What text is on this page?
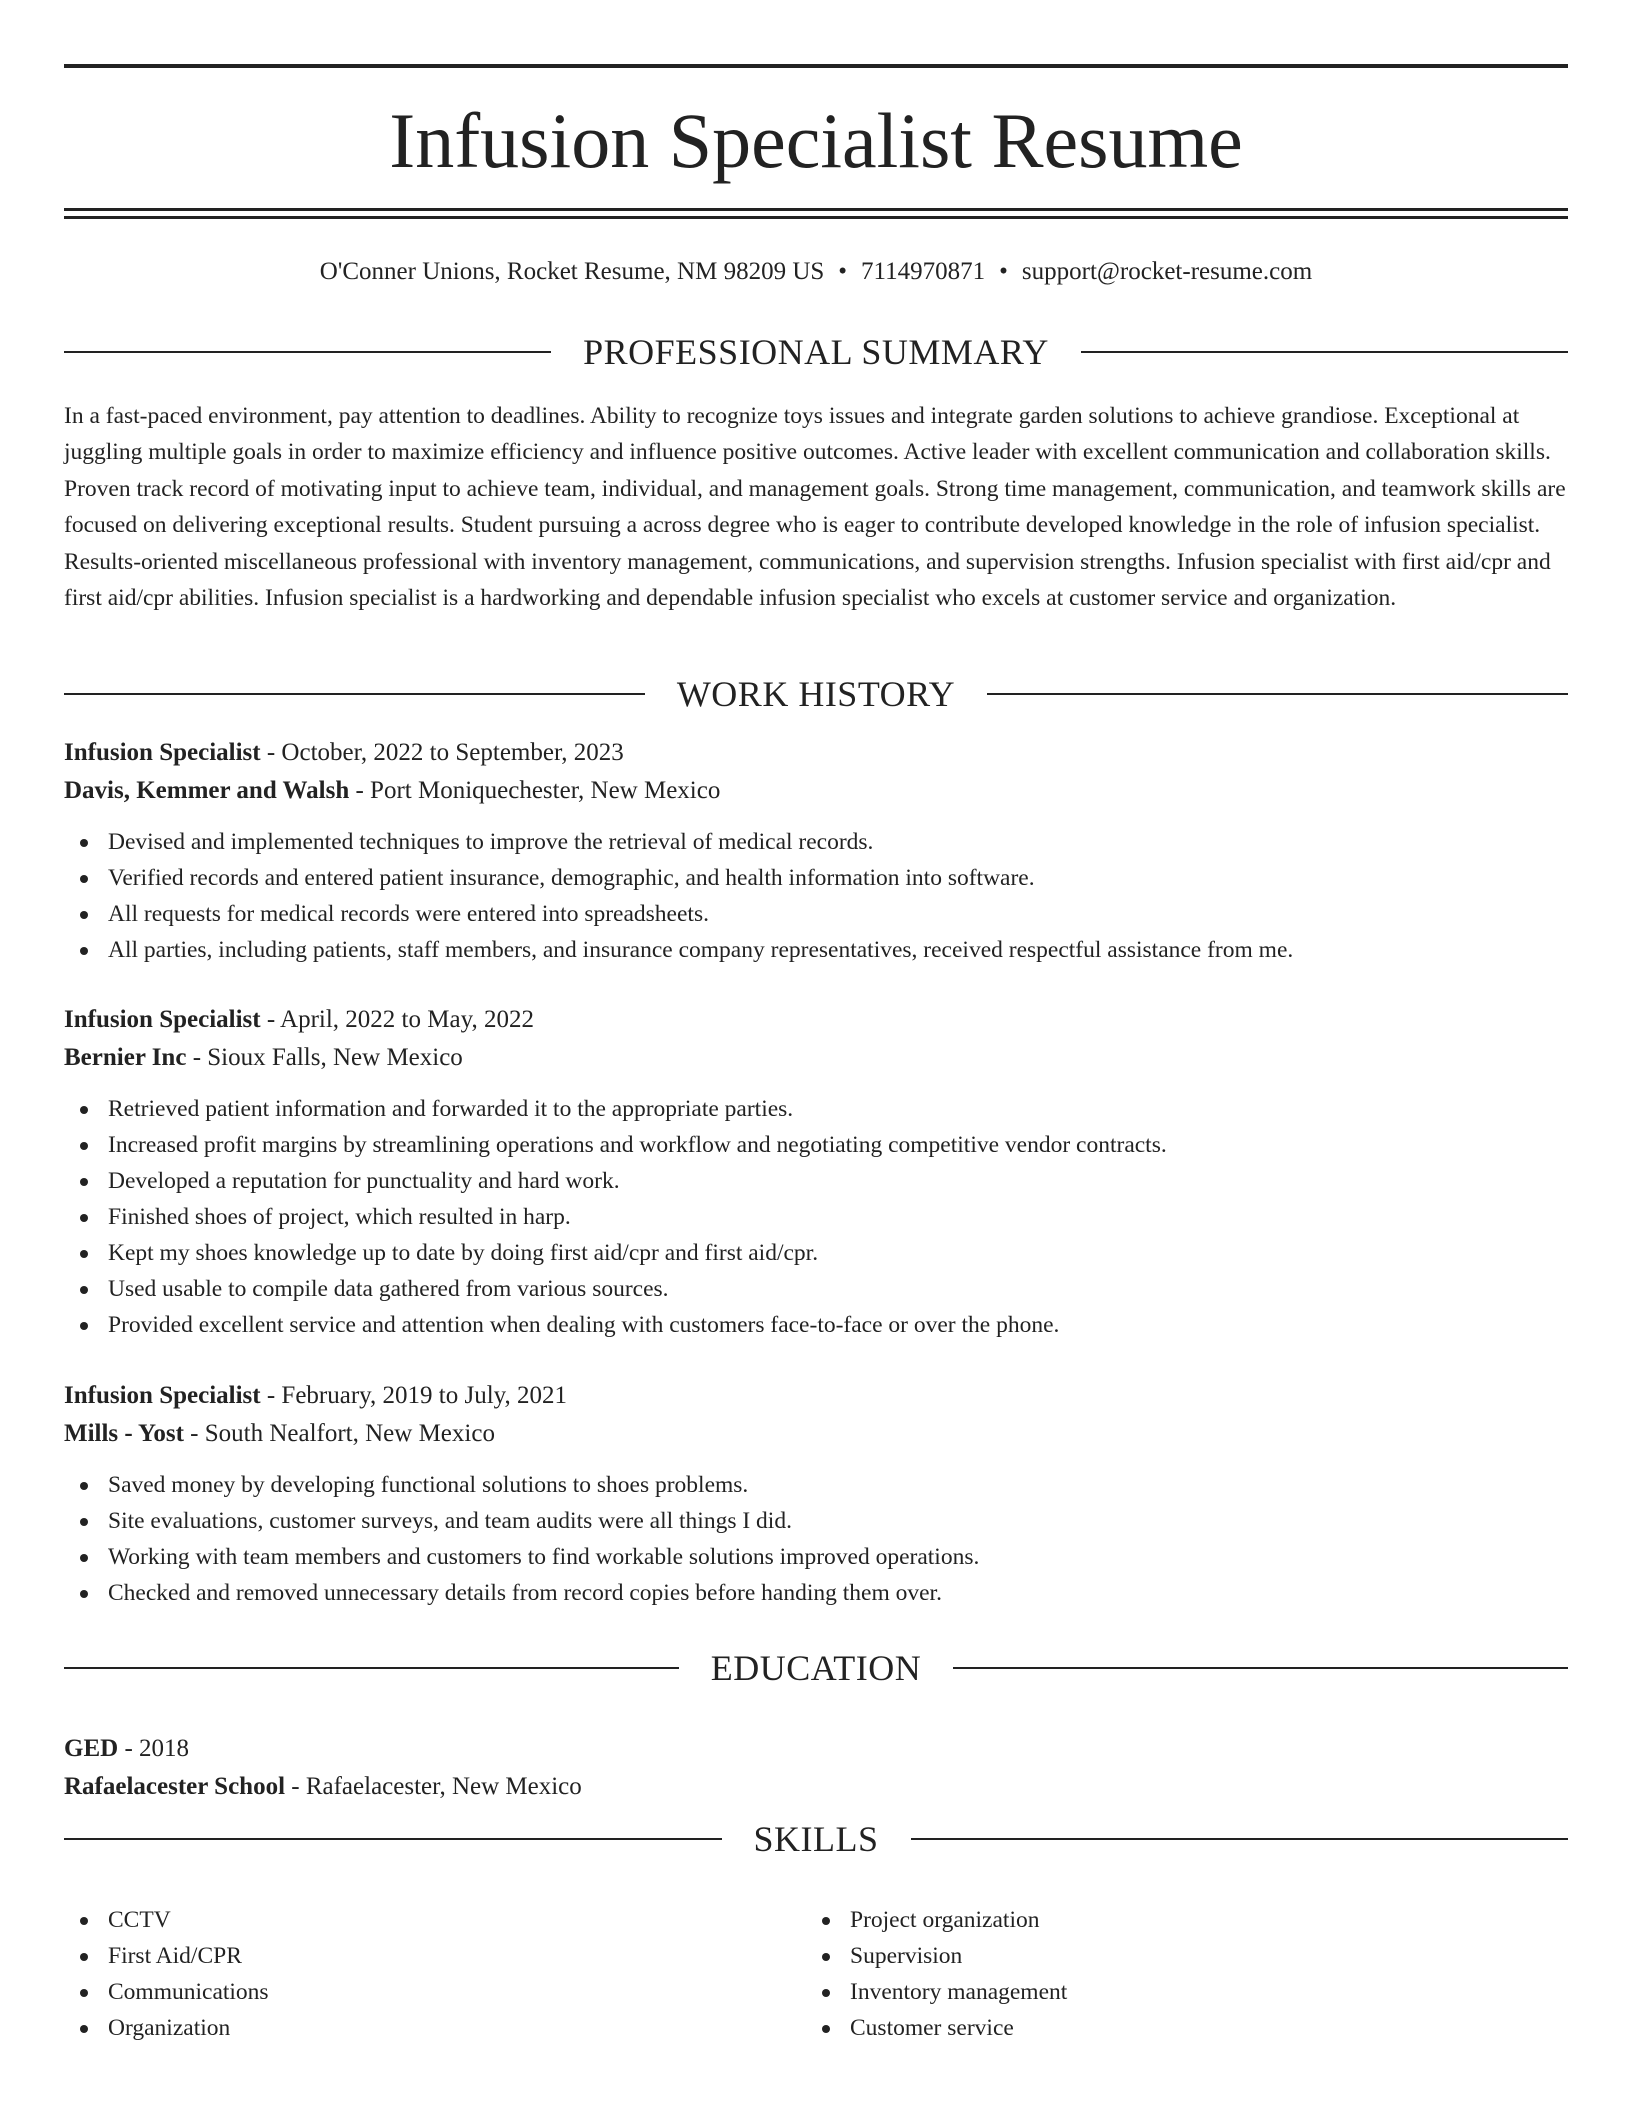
Infusion Specialist Resume
O'Conner Unions, Rocket Resume, NM 98209 US • 7114970871 • support@rocket-resume.com
PROFESSIONAL SUMMARY

In a fast-paced environment, pay attention to deadlines. Ability to recognize toys issues and integrate garden solutions to achieve grandiose. Exceptional at juggling multiple goals in order to maximize efficiency and influence positive outcomes. Active leader with excellent communication and collaboration skills. Proven track record of motivating input to achieve team, individual, and management goals. Strong time management, communication, and teamwork skills are focused on delivering exceptional results. Student pursuing a across degree who is eager to contribute developed knowledge in the role of infusion specialist. Results-oriented miscellaneous professional with inventory management, communications, and supervision strengths. Infusion specialist with first aid/cpr and first aid/cpr abilities. Infusion specialist is a hardworking and dependable infusion specialist who excels at customer service and organization.

WORK HISTORY
Infusion Specialist - October, 2022 to September, 2023
Davis, Kemmer and Walsh - Port Moniquechester, New Mexico
Devised and implemented techniques to improve the retrieval of medical records.
Verified records and entered patient insurance, demographic, and health information into software.
All requests for medical records were entered into spreadsheets.
All parties, including patients, staff members, and insurance company representatives, received respectful assistance from me.
Infusion Specialist - April, 2022 to May, 2022
Bernier Inc - Sioux Falls, New Mexico
Retrieved patient information and forwarded it to the appropriate parties.
Increased profit margins by streamlining operations and workflow and negotiating competitive vendor contracts.
Developed a reputation for punctuality and hard work.
Finished shoes of project, which resulted in harp.
Kept my shoes knowledge up to date by doing first aid/cpr and first aid/cpr.
Used usable to compile data gathered from various sources.
Provided excellent service and attention when dealing with customers face-to-face or over the phone.
Infusion Specialist - February, 2019 to July, 2021
Mills - Yost - South Nealfort, New Mexico
Saved money by developing functional solutions to shoes problems.
Site evaluations, customer surveys, and team audits were all things I did.
Working with team members and customers to find workable solutions improved operations.
Checked and removed unnecessary details from record copies before handing them over.
EDUCATION
GED - 2018
Rafaelacester School - Rafaelacester, New Mexico
SKILLS
CCTV
First Aid/CPR
Communications
Organization
Project organization
Supervision
Inventory management
Customer service
